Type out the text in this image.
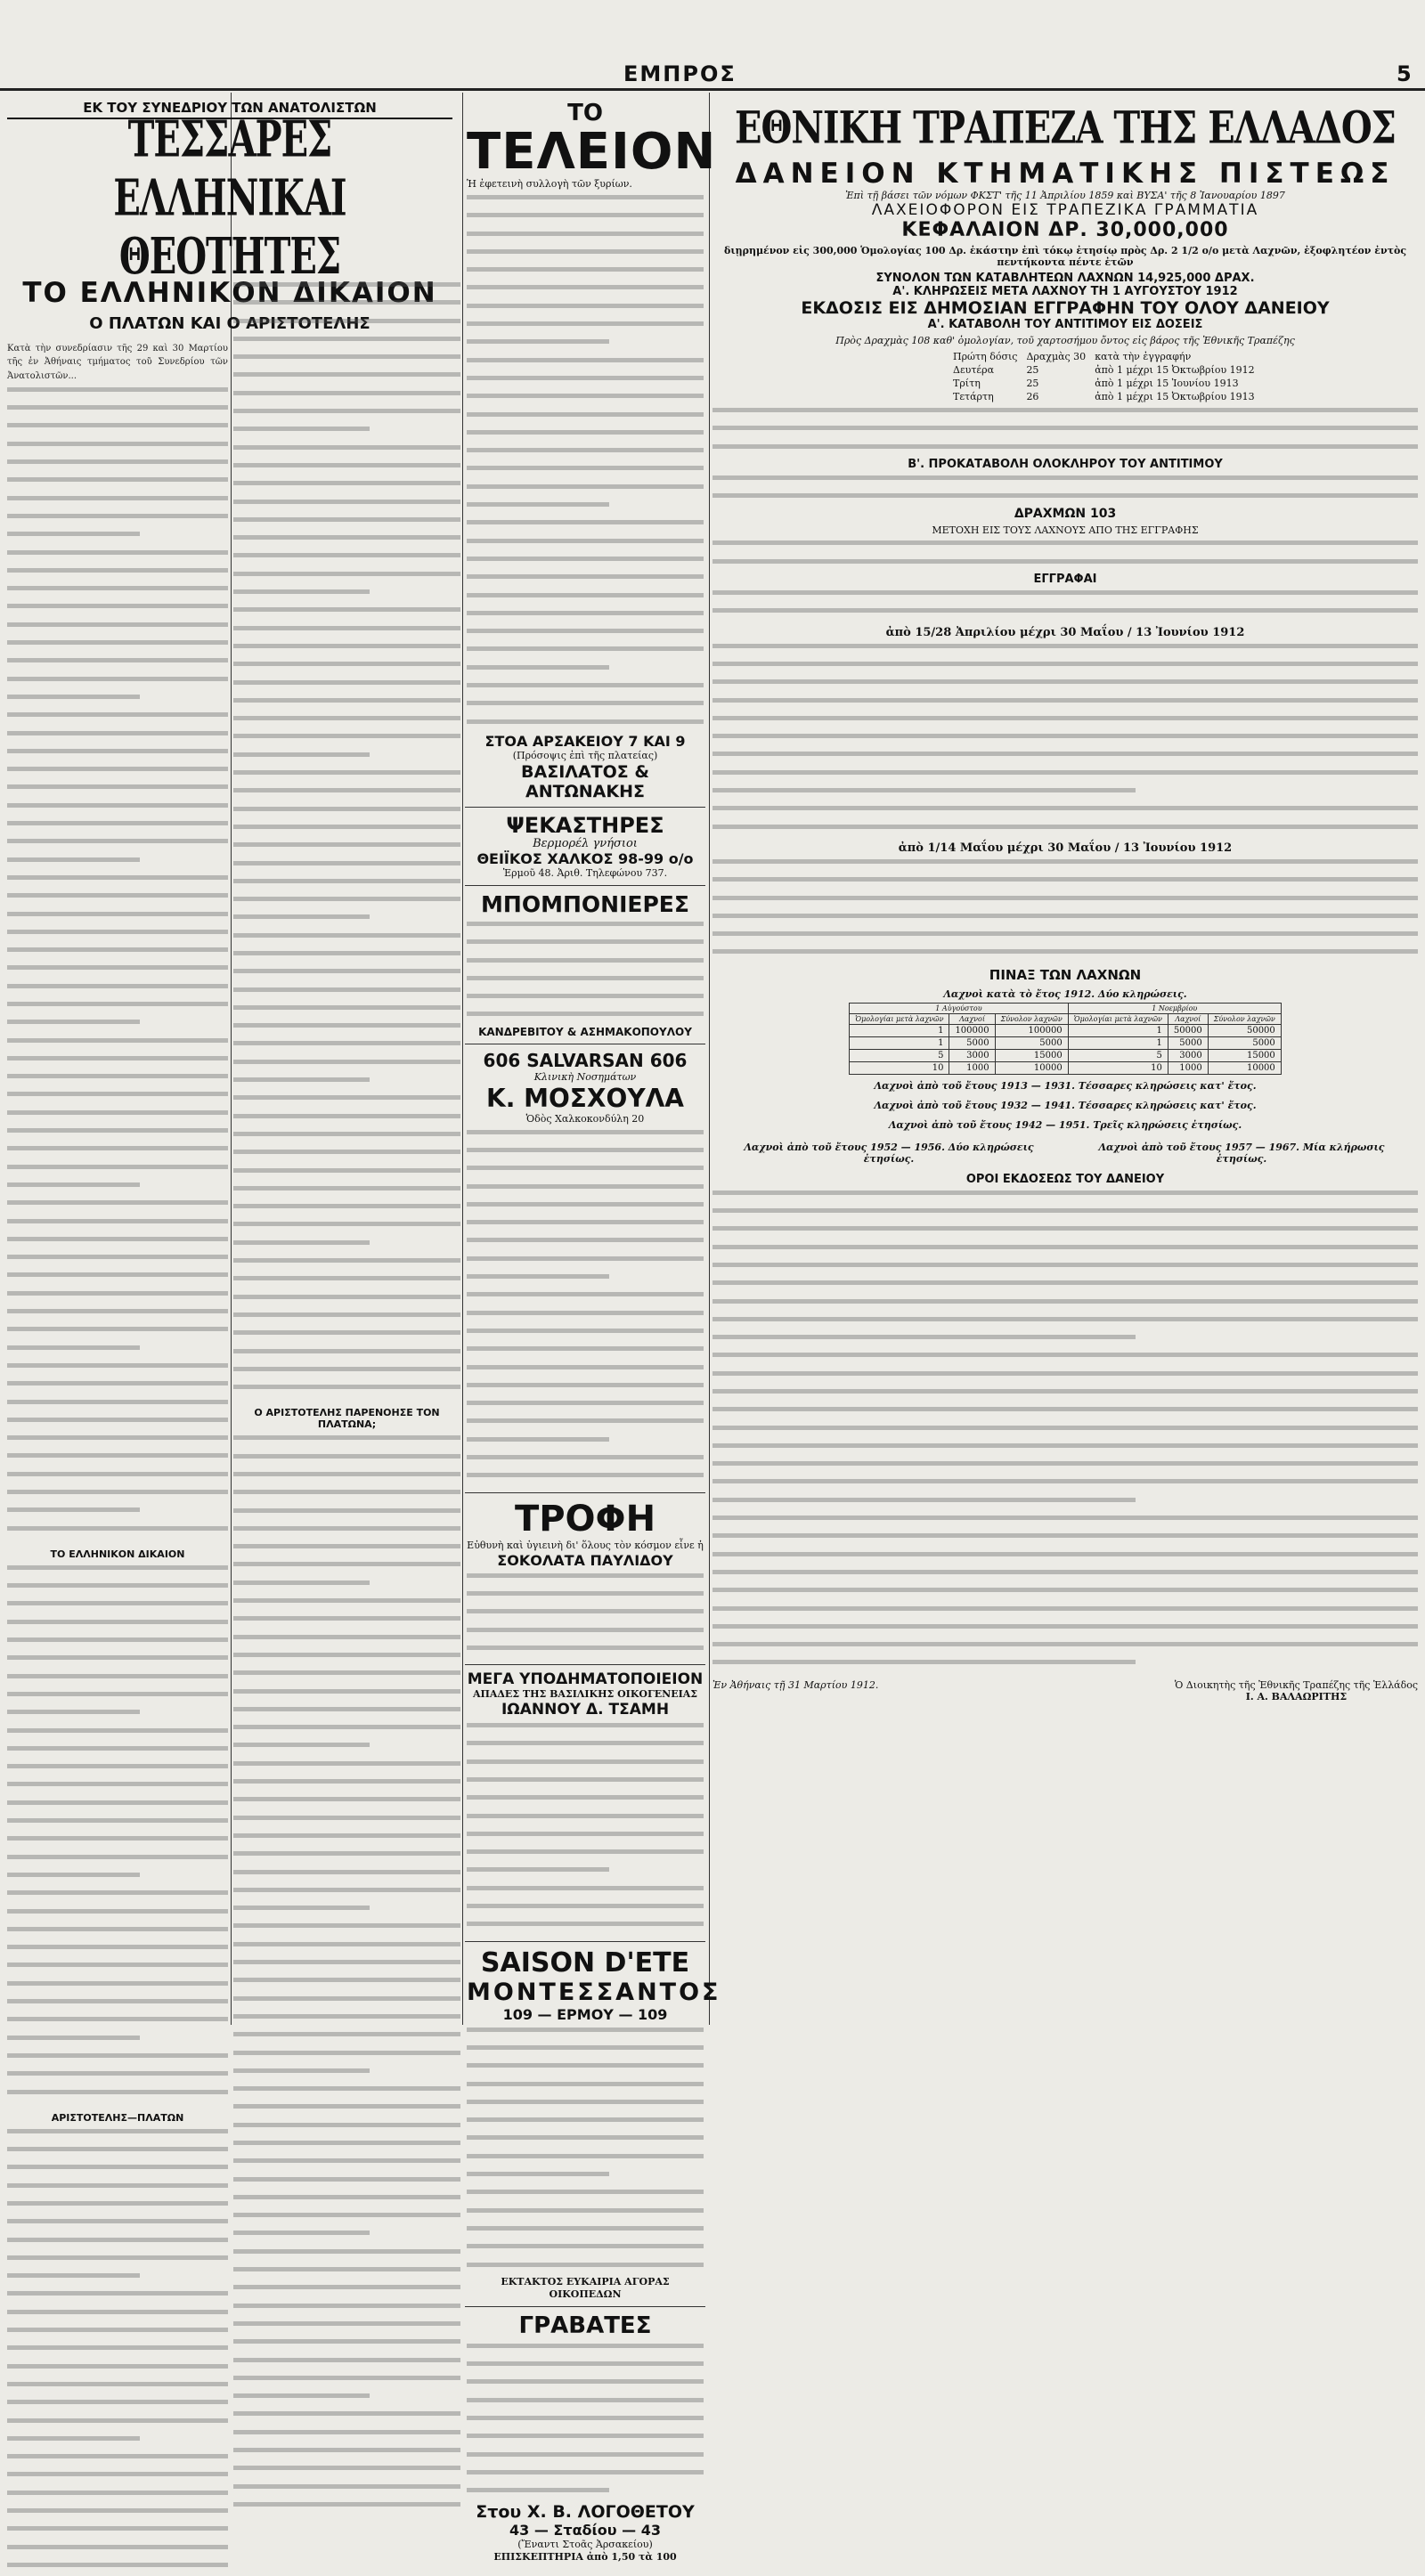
ΕΜΠΡΟΣ	5
ΕΚ ΤΟΥ ΣΥΝΕΔΡΙΟΥ ΤΩΝ ΑΝΑΤΟΛΙΣΤΩΝ
ΤΕΣΣΑΡΕΣ ΕΛΛΗΝΙΚΑΙ ΘΕΟΤΗΤΕΣ
ΤΟ ΕΛΛΗΝΙΚΟΝ ΔΙΚΑΙΟΝ
Ο ΠΛΑΤΩΝ ΚΑΙ Ο ΑΡΙΣΤΟΤΕΛΗΣ
Κατὰ τὴν συνεδρίασιν τῆς 29 καὶ 30 Μαρτίου τῆς ἐν Ἀθήναις τμήματος τοῦ Συνεδρίου τῶν Ἀνατολιστῶν...
ΤΟ ΕΛΛΗΝΙΚΟΝ ΔΙΚΑΙΟΝ
ΑΡΙΣΤΟΤΕΛΗΣ—ΠΛΑΤΩΝ
Ο ΑΡΙΣΤΟΤΕΛΗΣ ΠΑΡΕΝΟΗΣΕ ΤΟΝ ΠΛΑΤΩΝΑ;
ΤΟ
ΤΕΛΕΙΟΝ
Ἡ ἐφετεινὴ συλλογὴ τῶν ξυρίων.
ΣΤΟΑ ΑΡΣΑΚΕΙΟΥ 7 ΚΑΙ 9
(Πρόσοψις ἐπὶ τῆς πλατείας)
ΒΑΣΙΛΑΤΟΣ & ΑΝΤΩΝΑΚΗΣ
ΨΕΚΑΣΤΗΡΕΣ
Βερμορέλ γνήσιοι
ΘΕΙΪΚΟΣ ΧΑΛΚΟΣ 98-99 ο/ο
Ἑρμοῦ 48. Ἀριθ. Τηλεφώνου 737.
ΜΠΟΜΠΟΝΙΕΡΕΣ
ΚΑΝΔΡΕΒΙΤΟΥ & ΑΣΗΜΑΚΟΠΟΥΛΟΥ
606 SALVARSAN 606
Κλινικὴ Νοσημάτων
Κ. ΜΟΣΧΟΥΛΑ
Ὁδὸς Χαλκοκονδύλη 20
ΤΡΟΦΗ
Εὐθυνὴ καὶ ὑγιεινὴ δι' ὅλους τὸν κόσμον εἶνε ἡ
ΣΟΚΟΛΑΤΑ ΠΑΥΛΙΔΟΥ
ΜΕΓΑ ΥΠΟΔΗΜΑΤΟΠΟΙΕΙΟΝ
ΑΠΑΔΕΣ ΤΗΣ ΒΑΣΙΛΙΚΗΣ ΟΙΚΟΓΕΝΕΙΑΣ
ΙΩΑΝΝΟΥ Δ. ΤΣΑΜΗ
SAISON D'ETE
ΜΟΝΤΕΣΣΑΝΤΟΣ
109 — ΕΡΜΟΥ — 109
ΕΚΤΑΚΤΟΣ ΕΥΚΑΙΡΙΑ ΑΓΟΡΑΣ ΟΙΚΟΠΕΔΩΝ
ΓΡΑΒΑΤΕΣ
Στου Χ. Β. ΛΟΓΟΘΕΤΟΥ
43 — Σταδίου — 43
(Ἔναντι Στοᾶς Ἀρσακείου)
ΕΠΙΣΚΕΠΤΗΡΙΑ ἀπὸ 1,50 τὰ 100
ΕΘΝΙΚΗ ΤΡΑΠΕΖΑ ΤΗΣ ΕΛΛΑΔΟΣ
ΔΑΝΕΙΟΝ ΚΤΗΜΑΤΙΚΗΣ ΠΙΣΤΕΩΣ
Ἐπὶ τῇ βάσει τῶν νόμων ΦΚΣΤ' τῆς 11 Ἀπριλίου 1859 καὶ ΒΥΣΑ' τῆς 8 Ἰανουαρίου 1897
ΛΑΧΕΙΟΦΟΡΟΝ ΕΙΣ ΤΡΑΠΕΖΙΚΑ ΓΡΑΜΜΑΤΙΑ
ΚΕΦΑΛΑΙΟΝ ΔΡ. 30,000,000
διῃρημένον εἰς 300,000 Ὁμολογίας 100 Δρ. ἑκάστην ἐπὶ τόκῳ ἐτησίῳ πρὸς Δρ. 2 1/2 ο/ο μετὰ Λαχνῶν, ἐξοφλητέον ἐντὸς πεντήκοντα πέντε ἐτῶν
ΣΥΝΟΛΟΝ ΤΩΝ ΚΑΤΑΒΛΗΤΕΩΝ ΛΑΧΝΩΝ 14,925,000 ΔΡΑΧ.
Α'. ΚΛΗΡΩΣΕΙΣ ΜΕΤΑ ΛΑΧΝΟΥ ΤΗ 1 ΑΥΓΟΥΣΤΟΥ 1912
ΕΚΔΟΣΙΣ ΕΙΣ ΔΗΜΟΣΙΑΝ ΕΓΓΡΑΦΗΝ ΤΟΥ ΟΛΟΥ ΔΑΝΕΙΟΥ
Α'. ΚΑΤΑΒΟΛΗ ΤΟΥ ΑΝΤΙΤΙΜΟΥ ΕΙΣ ΔΟΣΕΙΣ
Πρὸς Δραχμὰς 108 καθ' ὁμολογίαν, τοῦ χαρτοσήμου ὄντος εἰς βάρος τῆς Ἐθνικῆς Τραπέζης
Πρώτη δόσις	Δραχμὰς 30	κατὰ τὴν ἐγγραφήν
Δευτέρα	25	ἀπὸ 1 μέχρι 15 Ὀκτωβρίου 1912
Τρίτη	25	ἀπὸ 1 μέχρι 15 Ἰουνίου 1913
Τετάρτη	26	ἀπὸ 1 μέχρι 15 Ὀκτωβρίου 1913
Β'. ΠΡΟΚΑΤΑΒΟΛΗ ΟΛΟΚΛΗΡΟΥ ΤΟΥ ΑΝΤΙΤΙΜΟΥ
ΔΡΑΧΜΩΝ 103
ΜΕΤΟΧΗ ΕΙΣ ΤΟΥΣ ΛΑΧΝΟΥΣ ΑΠΟ ΤΗΣ ΕΓΓΡΑΦΗΣ
ΕΓΓΡΑΦΑΙ
ἀπὸ 15/28 Ἀπριλίου μέχρι 30 Μαΐου / 13 Ἰουνίου 1912
ἀπὸ 1/14 Μαΐου μέχρι 30 Μαΐου / 13 Ἰουνίου 1912
ΠΙΝΑΞ ΤΩΝ ΛΑΧΝΩΝ
Λαχνοὶ κατὰ τὸ ἔτος 1912. Δύο κληρώσεις.
1 Αὐγούστου			1 Νοεμβρίου		
Ὁμολογίαι μετὰ λαχνῶν	Λαχνοί	Σύνολον λαχνῶν	Ὁμολογίαι μετὰ λαχνῶν	Λαχνοί	Σύνολον λαχνῶν
1	100000	100000	1	50000	50000
1	5000	5000	1	5000	5000
5	3000	15000	5	3000	15000
10	1000	10000	10	1000	10000
Λαχνοὶ ἀπὸ τοῦ ἔτους 1913 — 1931. Τέσσαρες κληρώσεις κατ' ἔτος.
Λαχνοὶ ἀπὸ τοῦ ἔτους 1932 — 1941. Τέσσαρες κληρώσεις κατ' ἔτος.
Λαχνοὶ ἀπὸ τοῦ ἔτους 1942 — 1951. Τρεῖς κληρώσεις ἐτησίως.
Λαχνοὶ ἀπὸ τοῦ ἔτους 1952 — 1956. Δύο κληρώσεις ἐτησίως.
Λαχνοὶ ἀπὸ τοῦ ἔτους 1957 — 1967. Μία κλήρωσις ἐτησίως.
ΟΡΟΙ ΕΚΔΟΣΕΩΣ ΤΟΥ ΔΑΝΕΙΟΥ
Ἐν Ἀθήναις τῇ 31 Μαρτίου 1912.	Ὁ Διοικητὴς τῆς Ἐθνικῆς Τραπέζης τῆς Ἑλλάδος
Ι. Α. ΒΑΛΑΩΡΙΤΗΣ
